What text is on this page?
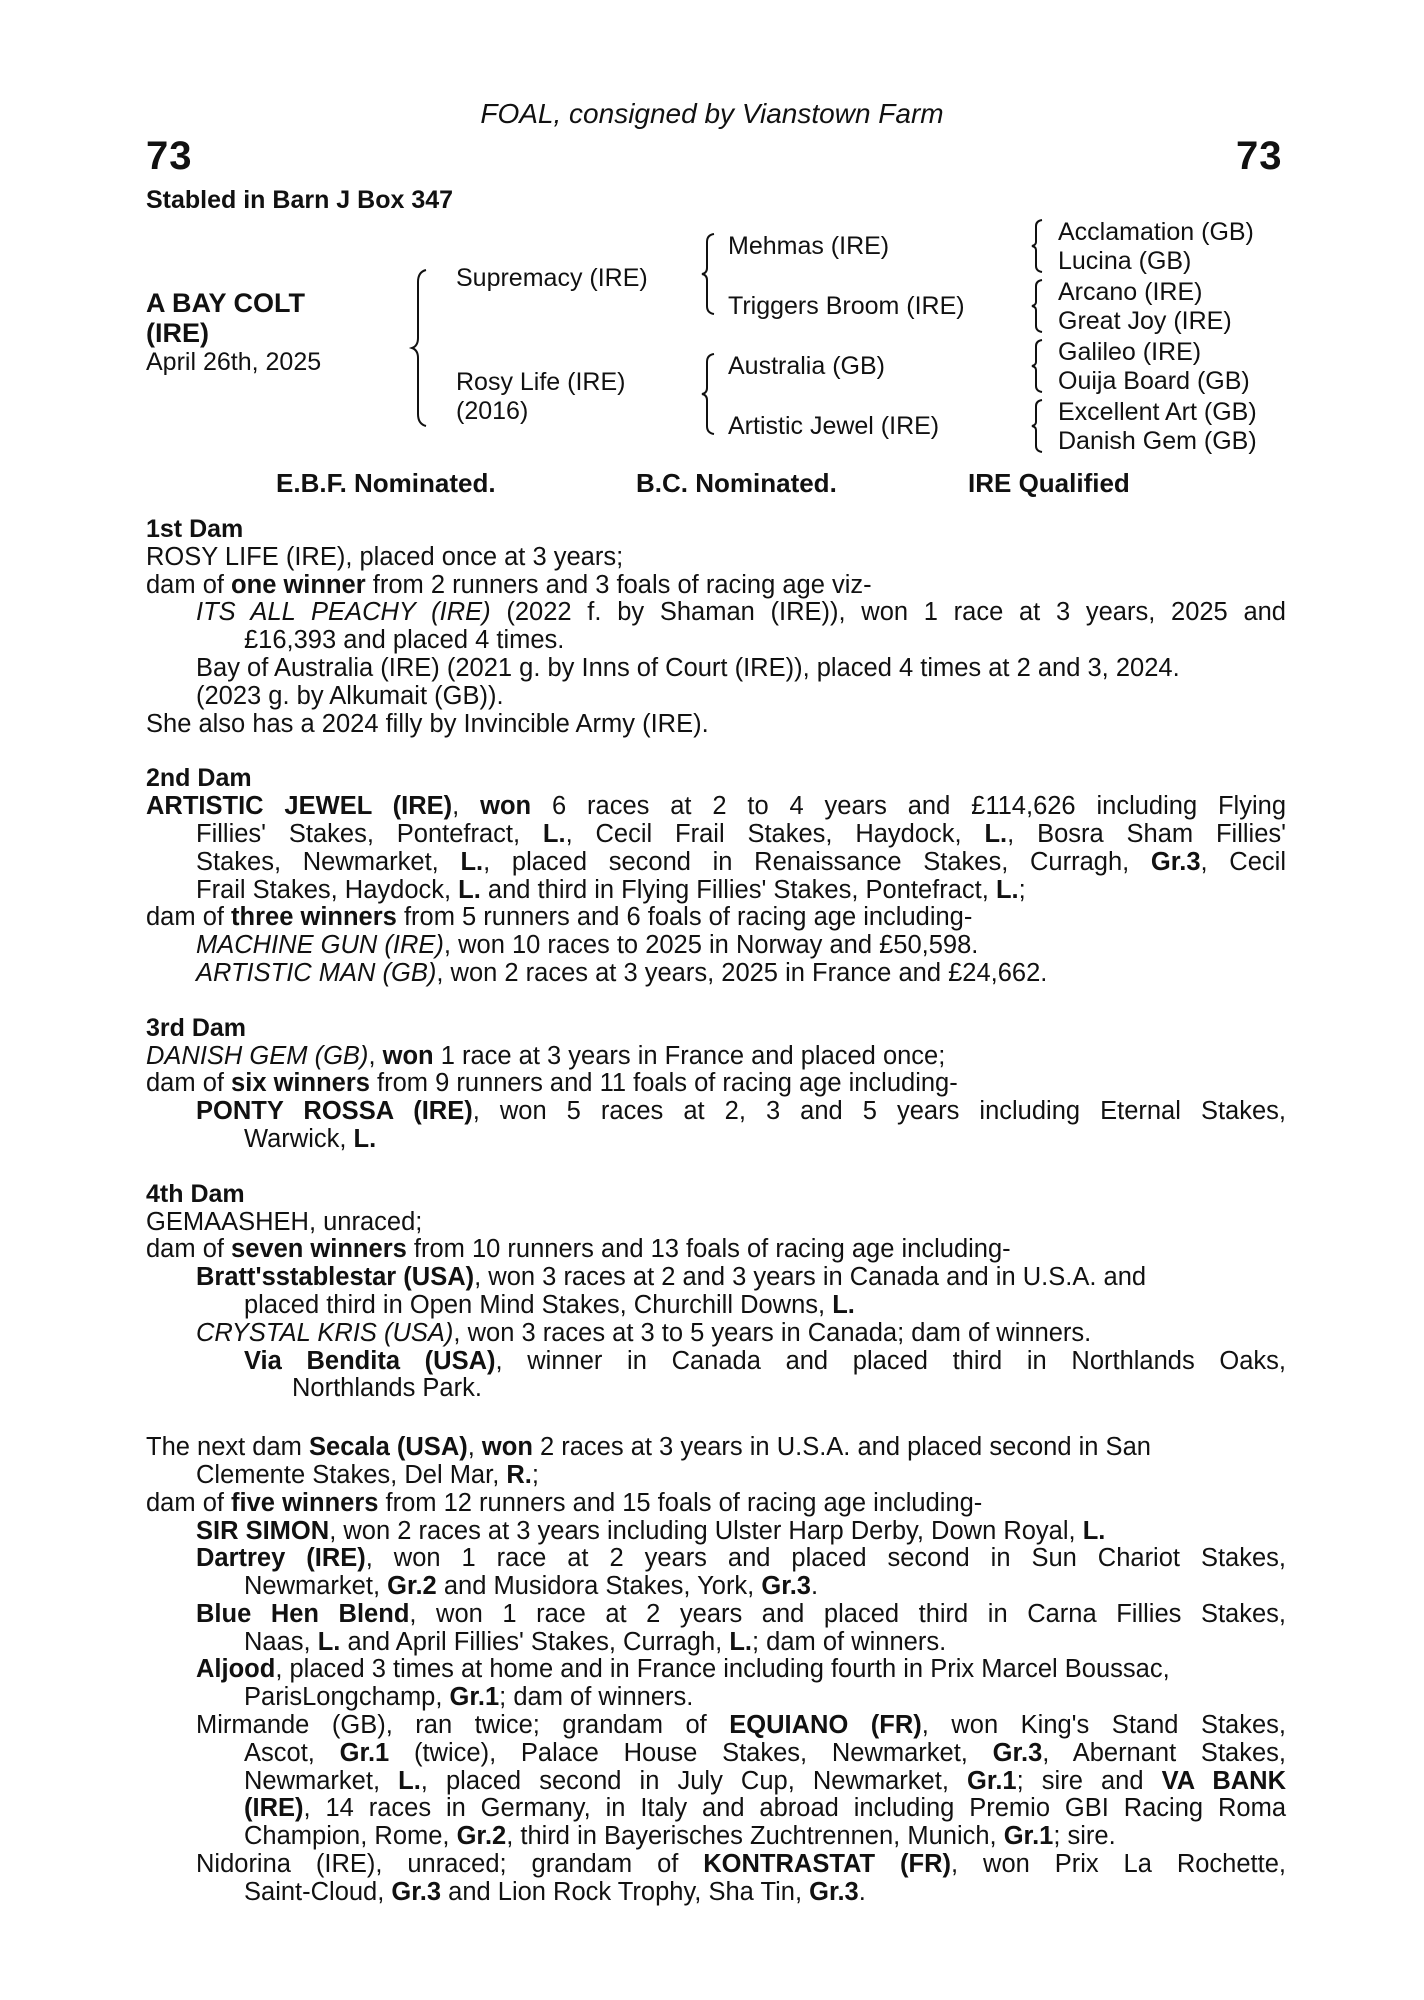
FOAL, consigned by Vianstown Farm
73	73
Stabled in Barn J Box 347
A BAY COLT
(IRE)
April 26th, 2025
Supremacy (IRE)
Rosy Life (IRE)
(2016)
Mehmas (IRE)
Triggers Broom (IRE)
Australia (GB)
Artistic Jewel (IRE)
Acclamation (GB)
Lucina (GB)
Arcano (IRE)
Great Joy (IRE)
Galileo (IRE)
Ouija Board (GB)
Excellent Art (GB)
Danish Gem (GB)
E.B.F. Nominated.	B.C. Nominated.	IRE Qualified
1st Dam
ROSY LIFE (IRE), placed once at 3 years;
dam of one winner from 2 runners and 3 foals of racing age viz-
ITS ALL PEACHY (IRE) (2022 f. by Shaman (IRE)), won 1 race at 3 years, 2025 and
£16,393 and placed 4 times.
Bay of Australia (IRE) (2021 g. by Inns of Court (IRE)), placed 4 times at 2 and 3, 2024.
(2023 g. by Alkumait (GB)).
She also has a 2024 filly by Invincible Army (IRE).
2nd Dam
ARTISTIC JEWEL (IRE), won 6 races at 2 to 4 years and £114,626 including Flying
Fillies' Stakes, Pontefract, L., Cecil Frail Stakes, Haydock, L., Bosra Sham Fillies'
Stakes, Newmarket, L., placed second in Renaissance Stakes, Curragh, Gr.3, Cecil
Frail Stakes, Haydock, L. and third in Flying Fillies' Stakes, Pontefract, L.;
dam of three winners from 5 runners and 6 foals of racing age including-
MACHINE GUN (IRE), won 10 races to 2025 in Norway and £50,598.
ARTISTIC MAN (GB), won 2 races at 3 years, 2025 in France and £24,662.
3rd Dam
DANISH GEM (GB), won 1 race at 3 years in France and placed once;
dam of six winners from 9 runners and 11 foals of racing age including-
PONTY ROSSA (IRE), won 5 races at 2, 3 and 5 years including Eternal Stakes,
Warwick, L.
4th Dam
GEMAASHEH, unraced;
dam of seven winners from 10 runners and 13 foals of racing age including-
Bratt'sstablestar (USA), won 3 races at 2 and 3 years in Canada and in U.S.A. and
placed third in Open Mind Stakes, Churchill Downs, L.
CRYSTAL KRIS (USA), won 3 races at 3 to 5 years in Canada; dam of winners.
Via Bendita (USA), winner in Canada and placed third in Northlands Oaks,
Northlands Park.
The next dam Secala (USA), won 2 races at 3 years in U.S.A. and placed second in San
Clemente Stakes, Del Mar, R.;
dam of five winners from 12 runners and 15 foals of racing age including-
SIR SIMON, won 2 races at 3 years including Ulster Harp Derby, Down Royal, L.
Dartrey (IRE), won 1 race at 2 years and placed second in Sun Chariot Stakes,
Newmarket, Gr.2 and Musidora Stakes, York, Gr.3.
Blue Hen Blend, won 1 race at 2 years and placed third in Carna Fillies Stakes,
Naas, L. and April Fillies' Stakes, Curragh, L.; dam of winners.
Aljood, placed 3 times at home and in France including fourth in Prix Marcel Boussac,
ParisLongchamp, Gr.1; dam of winners.
Mirmande (GB), ran twice; grandam of EQUIANO (FR), won King's Stand Stakes,
Ascot, Gr.1 (twice), Palace House Stakes, Newmarket, Gr.3, Abernant Stakes,
Newmarket, L., placed second in July Cup, Newmarket, Gr.1; sire and VA BANK
(IRE), 14 races in Germany, in Italy and abroad including Premio GBI Racing Roma
Champion, Rome, Gr.2, third in Bayerisches Zuchtrennen, Munich, Gr.1; sire.
Nidorina (IRE), unraced; grandam of KONTRASTAT (FR), won Prix La Rochette,
Saint-Cloud, Gr.3 and Lion Rock Trophy, Sha Tin, Gr.3.
